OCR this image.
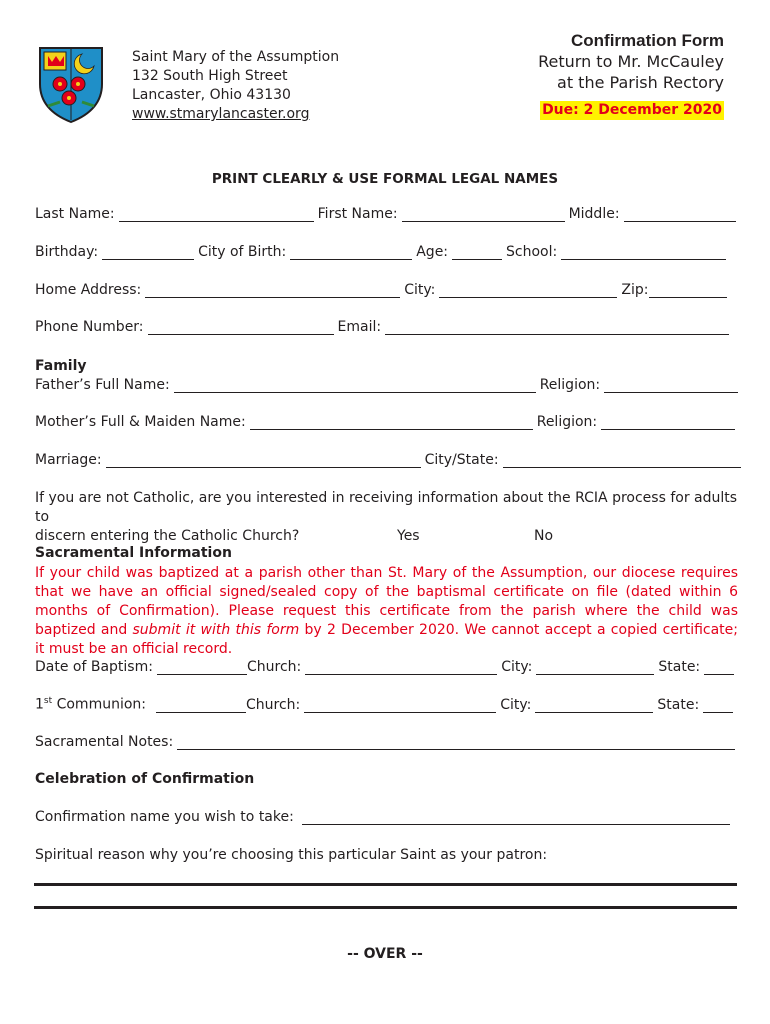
Saint Mary of the Assumption
132 South High Street
Lancaster, Ohio 43130
www.stmarylancaster.org
Confirmation Form
Return to Mr. McCauley
at the Parish Rectory
Due: 2 December 2020
PRINT CLEARLY & USE FORMAL LEGAL NAMES
Last Name:	First Name:	Middle:
Birthday:	City of Birth:	Age:	School:
Home Address:	City:	Zip:
Phone Number:	Email:
Family
Father’s Full Name:	Religion:
Mother’s Full & Maiden Name:	Religion:
Marriage:	City/State:
If you are not Catholic, are you interested in receiving information about the RCIA process for adults to
discern entering the Catholic Church?	Yes	No
Sacramental Information
If your child was baptized at a parish other than St. Mary of the Assumption, our diocese requires that we have an official signed/sealed copy of the baptismal certificate on file (dated within 6 months of Confirmation). Please request this certificate from the parish where the child was baptized and submit it with this form by 2 December 2020. We cannot accept a copied certificate; it must be an official record.
Date of Baptism:	Church:	City:	State:
1st Communion:	Church:	City:	State:
Sacramental Notes:
Celebration of Confirmation
Confirmation name you wish to take:
Spiritual reason why you’re choosing this particular Saint as your patron:
-- OVER --
